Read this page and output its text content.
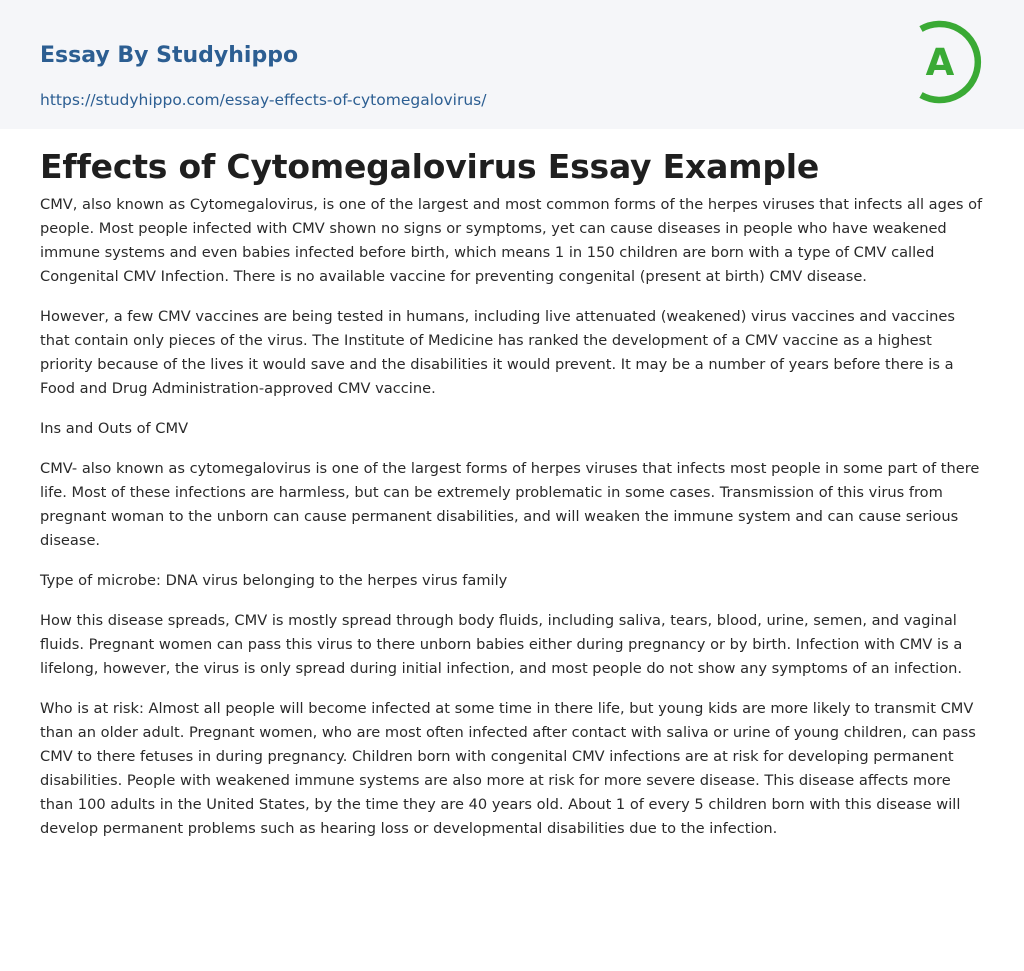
Essay By Studyhippo
https://studyhippo.com/essay-effects-of-cytomegalovirus/
A
Effects of Cytomegalovirus Essay Example

CMV, also known as Cytomegalovirus, is one of the largest and most common forms of the herpes viruses that infects all ages of people. Most people infected with CMV shown no signs or symptoms, yet can cause diseases in people who have weakened immune systems and even babies infected before birth, which means 1 in 150 children are born with a type of CMV called Congenital CMV Infection. There is no available vaccine for preventing congenital (present at birth) CMV disease.

However, a few CMV vaccines are being tested in humans, including live attenuated (weakened) virus vaccines and vaccines that contain only pieces of the virus. The Institute of Medicine has ranked the development of a CMV vaccine as a highest priority because of the lives it would save and the disabilities it would prevent. It may be a number of years before there is a Food and Drug Administration-approved CMV vaccine.

Ins and Outs of CMV

CMV- also known as cytomegalovirus is one of the largest forms of herpes viruses that infects most people in some part of there life. Most of these infections are harmless, but can be extremely problematic in some cases. Transmission of this virus from pregnant woman to the unborn can cause permanent disabilities, and will weaken the immune system and can cause serious disease.

Type of microbe: DNA virus belonging to the herpes virus family

How this disease spreads, CMV is mostly spread through body fluids, including saliva, tears, blood, urine, semen, and vaginal fluids. Pregnant women can pass this virus to there unborn babies either during pregnancy or by birth. Infection with CMV is a lifelong, however, the virus is only spread during initial infection, and most people do not show any symptoms of an infection.

Who is at risk: Almost all people will become infected at some time in there life, but young kids are more likely to transmit CMV than an older adult. Pregnant women, who are most often infected after contact with saliva or urine of young children, can pass CMV to there fetuses in during pregnancy. Children born with congenital CMV infections are at risk for developing permanent disabilities. People with weakened immune systems are also more at risk for more severe disease. This disease affects more than 100 adults in the United States, by the time they are 40 years old. About 1 of every 5 children born with this disease will develop permanent problems such as hearing loss or developmental disabilities due to the infection.
